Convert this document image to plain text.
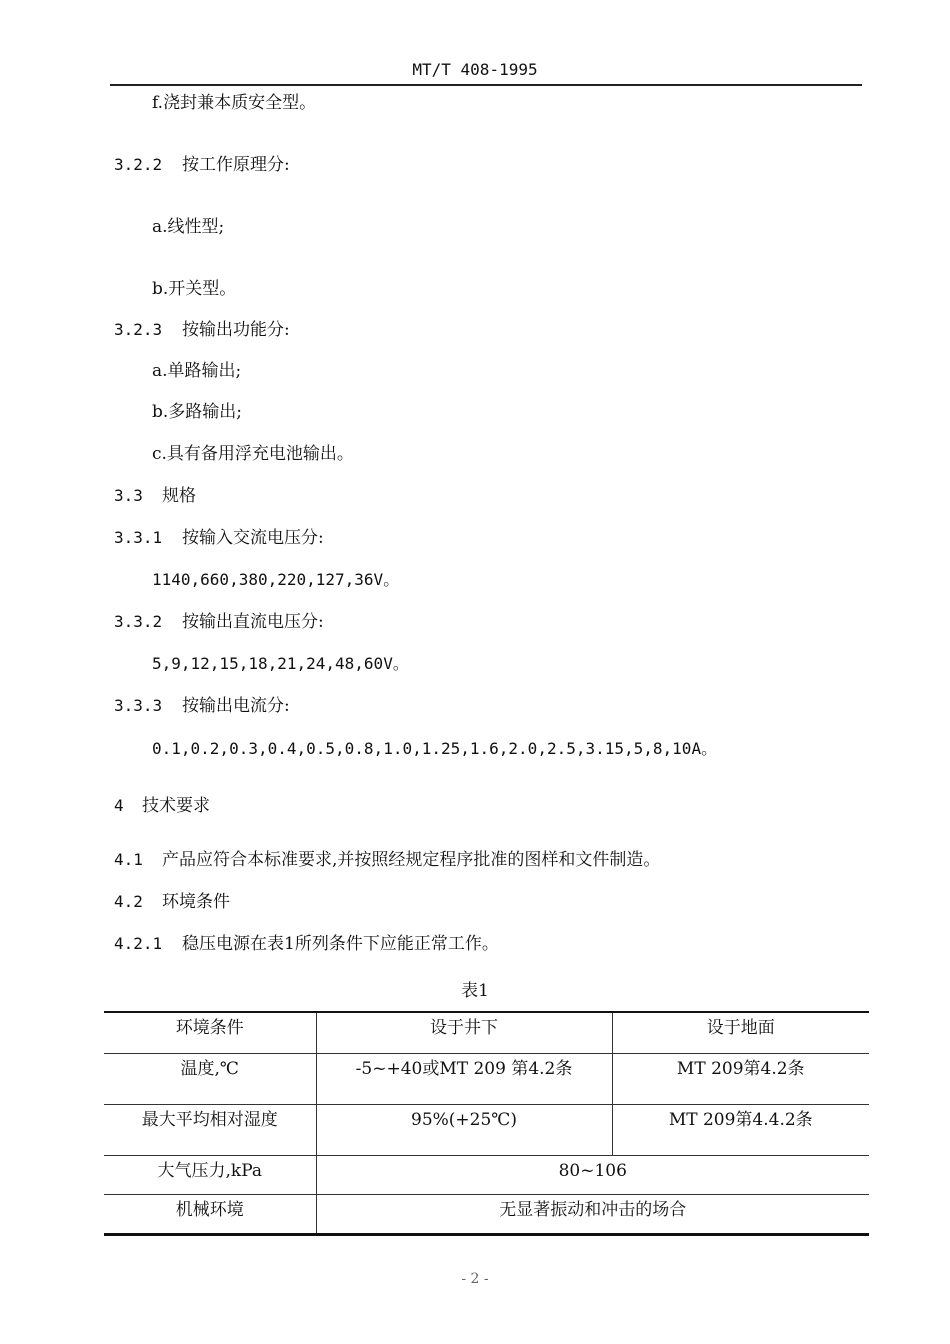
MT/T 408-1995
f.浇封兼本质安全型。
3.2.2 按工作原理分:
a.线性型;
b.开关型。
3.2.3 按输出功能分:
a.单路输出;
b.多路输出;
c.具有备用浮充电池输出。
3.3 规格
3.3.1 按输入交流电压分:
1140,660,380,220,127,36V。
3.3.2 按输出直流电压分:
5,9,12,15,18,21,24,48,60V。
3.3.3 按输出电流分:
0.1,0.2,0.3,0.4,0.5,0.8,1.0,1.25,1.6,2.0,2.5,3.15,5,8,10A。
4 技术要求
4.1 产品应符合本标准要求,并按照经规定程序批准的图样和文件制造。
4.2 环境条件
4.2.1 稳压电源在表1所列条件下应能正常工作。
表1
环境条件	设于井下	设于地面
温度,℃	-5~+40或MT 209 第4.2条	MT 209第4.2条
最大平均相对湿度	95%(+25℃)	MT 209第4.4.2条
大气压力,kPa	80~106	
机械环境	无显著振动和冲击的场合	
- 2 -
